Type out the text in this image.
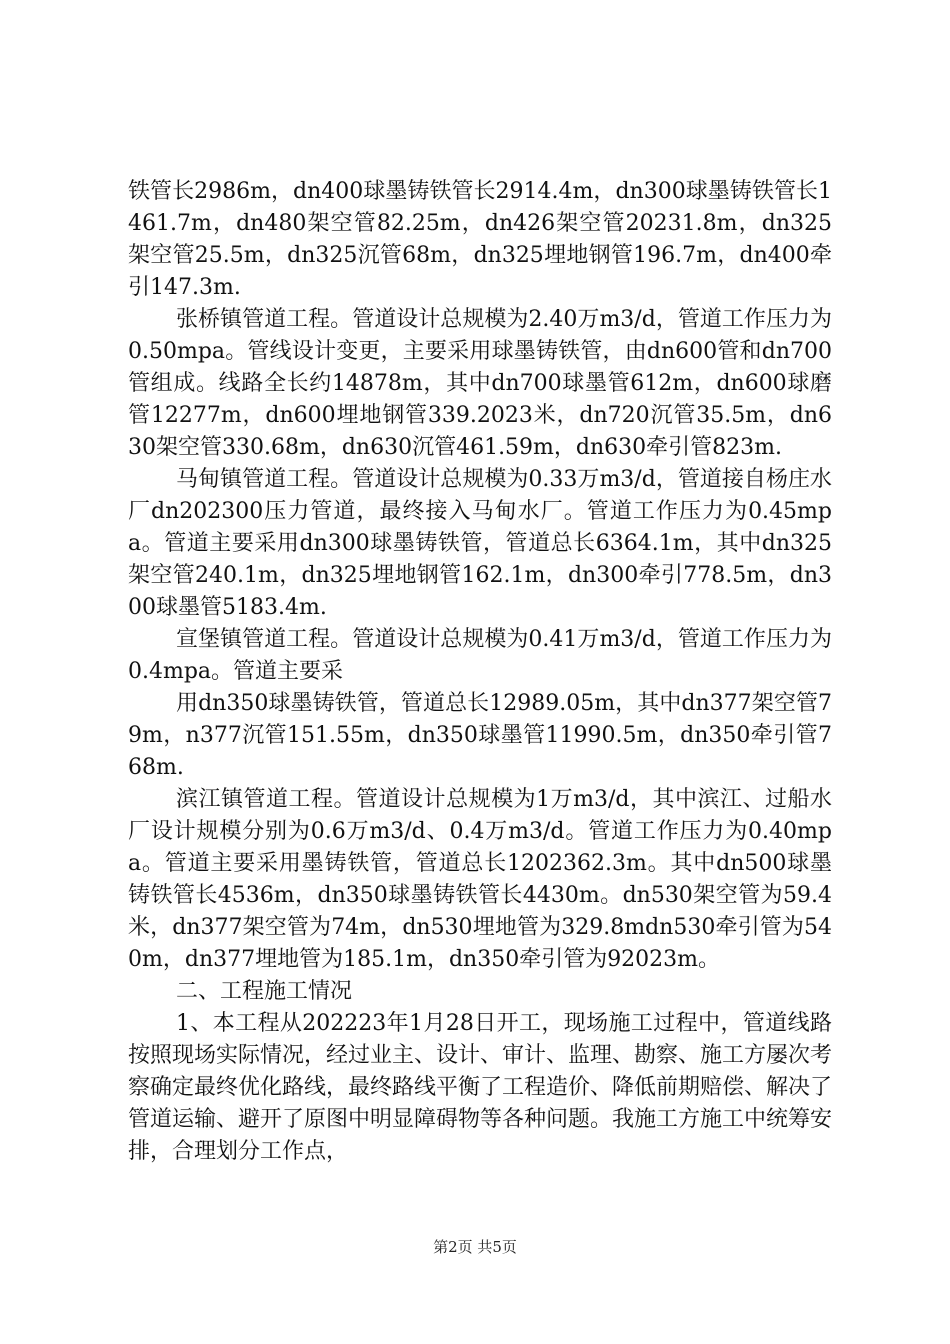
铁管长2986m，dn400球墨铸铁管长2914.4m，dn300球墨铸铁管长1461.7m，dn480架空管82.25m，dn426架空管20231.8m，dn325架空管25.5m，dn325沉管68m，dn325埋地钢管196.7m，dn400牵引147.3m.

张桥镇管道工程。管道设计总规模为2.40万m3/d，管道工作压力为0.50mpa。管线设计变更，主要采用球墨铸铁管，由dn600管和dn700管组成。线路全长约14878m，其中dn700球墨管612m，dn600球磨管12277m，dn600埋地钢管339.2023米，dn720沉管35.5m，dn630架空管330.68m，dn630沉管461.59m，dn630牵引管823m.

马甸镇管道工程。管道设计总规模为0.33万m3/d，管道接自杨庄水厂dn202300压力管道，最终接入马甸水厂。管道工作压力为0.45mpa。管道主要采用dn300球墨铸铁管，管道总长6364.1m，其中dn325架空管240.1m，dn325埋地钢管162.1m，dn300牵引778.5m，dn300球墨管5183.4m.

宣堡镇管道工程。管道设计总规模为0.41万m3/d，管道工作压力为0.4mpa。管道主要采

用dn350球墨铸铁管，管道总长12989.05m，其中dn377架空管79m，n377沉管151.55m，dn350球墨管11990.5m，dn350牵引管768m.

滨江镇管道工程。管道设计总规模为1万m3/d，其中滨江、过船水厂设计规模分别为0.6万m3/d、0.4万m3/d。管道工作压力为0.40mpa。管道主要采用墨铸铁管，管道总长1202362.3m。其中dn500球墨铸铁管长4536m，dn350球墨铸铁管长4430m。dn530架空管为59.4米，dn377架空管为74m，dn530埋地管为329.8mdn530牵引管为540m，dn377埋地管为185.1m，dn350牵引管为92023m。

二、工程施工情况

1、本工程从202223年1月28日开工，现场施工过程中，管道线路按照现场实际情况，经过业主、设计、审计、监理、勘察、施工方屡次考察确定最终优化路线，最终路线平衡了工程造价、降低前期赔偿、解决了管道运输、避开了原图中明显障碍物等各种问题。我施工方施工中统筹安排，合理划分工作点，

第2页 共5页
